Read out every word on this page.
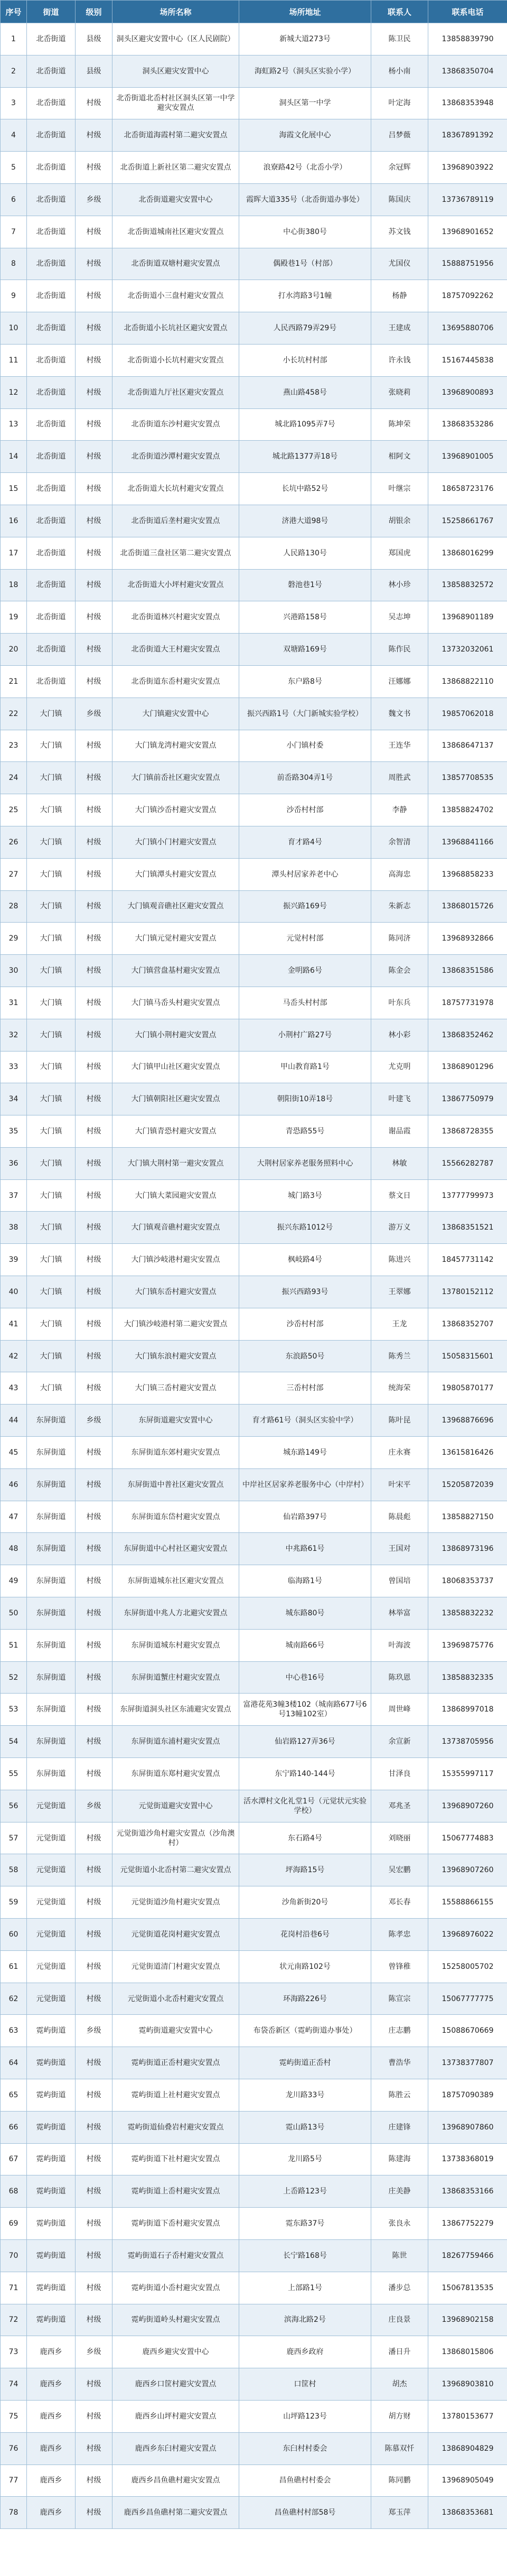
序号	街道	级别	场所名称	场所地址	联系人	联系电话
1	北岙街道	县级	洞头区避灾安置中心（区人民剧院）	新城大道273号	陈卫民	13858839790
2	北岙街道	县级	洞头区避灾安置中心	海虹路2号（洞头区实验小学）	杨小南	13868350704
3	北岙街道	村级	北岙街道北岙村社区洞头区第一中学避灾安置点	洞头区第一中学	叶定海	13868353948
4	北岙街道	村级	北岙街道海霞村第二避灾安置点	海霞文化展中心	吕梦薇	18367891392
5	北岙街道	村级	北岙街道上新社区第二避灾安置点	浪寮路42号（北岙小学）	余冠辉	13968903922
6	北岙街道	乡级	北岙街道避灾安置中心	霞晖大道335号（北岙街道办事处）	陈国庆	13736789119
7	北岙街道	村级	北岙街道城南社区避灾安置点	中心街380号	苏文钱	13968901652
8	北岙街道	村级	北岙街道双塘村避灾安置点	偶殿巷1号（村部）	尤国仪	15888751956
9	北岙街道	村级	北岙街道小三盘村避灾安置点	打水湾路3号1幢	杨静	18757092262
10	北岙街道	村级	北岙街道小长坑社区避灾安置点	人民西路79弄29号	王建成	13695880706
11	北岙街道	村级	北岙街道小长坑村避灾安置点	小长坑村村部	许永钱	15167445838
12	北岙街道	村级	北岙街道九厅社区避灾安置点	燕山路458号	张晓莉	13968900893
13	北岙街道	村级	北岙街道东沙村避灾安置点	城北路1095弄7号	陈坤荣	13868353286
14	北岙街道	村级	北岙街道沙潭村避灾安置点	城北路1377弄18号	相阿文	13968901005
15	北岙街道	村级	北岙街道大长坑村避灾安置点	长坑中路52号	叶继宗	18658723176
16	北岙街道	村级	北岙街道后垄村避灾安置点	济港大道98号	胡银余	15258661767
17	北岙街道	村级	北岙街道三盘社区第二避灾安置点	人民路130号	郑国虎	13868016299
18	北岙街道	村级	北岙街道大小坪村避灾安置点	磐池巷1号	林小珍	13858832572
19	北岙街道	村级	北岙街道林兴村避灾安置点	兴港路158号	吴志坤	13968901189
20	北岙街道	村级	北岙街道大王村避灾安置点	双塘路169号	陈作民	13732032061
21	北岙街道	村级	北岙街道东岙村避灾安置点	东户路8号	汪娜娜	13868822110
22	大门镇	乡级	大门镇避灾安置中心	振兴西路1号（大门新城实验学校）	魏文书	19857062018
23	大门镇	村级	大门镇龙湾村避灾安置点	小门镇村委	王连华	13868647137
24	大门镇	村级	大门镇前岙社区避灾安置点	前岙路304弄1号	周胜武	13857708535
25	大门镇	村级	大门镇沙岙村避灾安置点	沙岙村村部	李静	13858824702
26	大门镇	村级	大门镇小门村避灾安置点	育才路4号	余智清	13968841166
27	大门镇	村级	大门镇潭头村避灾安置点	潭头村居家养老中心	高海忠	13968858233
28	大门镇	村级	大门镇观音礁社区避灾安置点	振兴路169号	朱新志	13868015726
29	大门镇	村级	大门镇元觉村避灾安置点	元觉村村部	陈同济	13968932866
30	大门镇	村级	大门镇营盘基村避灾安置点	金明路6号	陈金会	13868351586
31	大门镇	村级	大门镇马岙头村避灾安置点	马岙头村村部	叶东兵	18757731978
32	大门镇	村级	大门镇小荆村避灾安置点	小荆村广路27号	林小彩	13868352462
33	大门镇	村级	大门镇甲山社区避灾安置点	甲山教育路1号	尤克明	13868901296
34	大门镇	村级	大门镇朝阳社区避灾安置点	朝阳街10弄18号	叶建飞	13867750979
35	大门镇	村级	大门镇青恐村避灾安置点	青恐路55号	谢品霞	13868728355
36	大门镇	村级	大门镇大荆村第一避灾安置点	大荆村居家养老服务照料中心	林敏	15566282787
37	大门镇	村级	大门镇大菜园避灾安置点	城门路3号	蔡文日	13777799973
38	大门镇	村级	大门镇观音礁村避灾安置点	振兴东路1012号	游万义	13868351521
39	大门镇	村级	大门镇沙岐港村避灾安置点	枫岐路4号	陈进兴	18457731142
40	大门镇	村级	大门镇东岙村避灾安置点	振兴西路93号	王翠娜	13780152112
41	大门镇	村级	大门镇沙岐港村第二避灾安置点	沙岙村村部	王龙	13868352707
42	大门镇	村级	大门镇东浪村避灾安置点	东浪路50号	陈秀兰	15058315601
43	大门镇	村级	大门镇三岙村避灾安置点	三岙村村部	统海荣	19805870177
44	东屏街道	乡级	东屏街道避灾安置中心	育才路61号（洞头区实验中学）	陈叶昆	13968876696
45	东屏街道	村级	东屏街道东郊村避灾安置点	城东路149号	庄永赛	13615816426
46	东屏街道	村级	东屏街道中普社区避灾安置点	中岸社区居家养老服务中心（中岸村）	叶宋平	15205872039
47	东屏街道	村级	东屏街道东岱村避灾安置点	仙岩路397号	陈晨彪	13858827150
48	东屏街道	村级	东屏街道中心村社区避灾安置点	中兆路61号	王国对	13868973196
49	东屏街道	村级	东屏街道城东社区避灾安置点	临海路1号	曾国培	18068353737
50	东屏街道	村级	东屏街道中兆人方北避灾安置点	城东路80号	林举富	13858832232
51	东屏街道	村级	东屏街道城东村避灾安置点	城南路66号	叶海波	13969875776
52	东屏街道	村级	东屏街道蟹庄村避灾安置点	中心巷16号	陈玖恩	13858832335
53	东屏街道	村级	东屏街道洞头社区东浦避灾安置点	富港花苑3幢3楼102（城南路677号6号13幢102室）	周世峰	13868997018
54	东屏街道	村级	东屏街道东浦村避灾安置点	仙岩路127弄36号	余宣新	13738705956
55	东屏街道	村级	东屏街道东郑村避灾安置点	东宁路140-144号	甘泽良	15355997117
56	元觉街道	乡级	元觉街道避灾安置中心	活水潭村文化礼堂1号（元觉状元实验学校）	邓兆圣	13968907260
57	元觉街道	村级	元觉街道沙角村避灾安置点（沙角澳村）	东石路4号	刘晓丽	15067774883
58	元觉街道	村级	元觉街道小北岙村第二避灾安置点	坪海路15号	吴宏鹏	13968907260
59	元觉街道	村级	元觉街道沙角村避灾安置点	沙角新街20号	邓长春	15588866155
60	元觉街道	村级	元觉街道花岗村避灾安置点	花岗村沿巷6号	陈孝忠	13968976022
61	元觉街道	村级	元觉街道清门村避灾安置点	状元南路102号	曾锋稚	15258005702
62	元觉街道	村级	元觉街道小北岙村避灾安置点	环海路226号	陈宣宗	15067777775
63	霓屿街道	乡级	霓屿街道避灾安置中心	布袋岙新区（霓屿街道办事处）	庄志鹏	15088670669
64	霓屿街道	村级	霓屿街道正岙村避灾安置点	霓屿街道正岙村	曹浩华	13738377807
65	霓屿街道	村级	霓屿街道上社村避灾安置点	龙川路33号	陈胜云	18757090389
66	霓屿街道	村级	霓屿街道仙叠岩村避灾安置点	霓山路13号	庄建锋	13968907860
67	霓屿街道	村级	霓屿街道下社村避灾安置点	龙川路5号	陈建海	13738368019
68	霓屿街道	村级	霓屿街道上岙村避灾安置点	上岙路123号	庄美静	13868353166
69	霓屿街道	村级	霓屿街道下岙村避灾安置点	霓东路37号	张良永	13867752279
70	霓屿街道	村级	霓屿街道石子岙村避灾安置点	长宁路168号	陈世	18267759466
71	霓屿街道	村级	霓屿街道小岙村避灾安置点	上部路1号	潘步总	15067813535
72	霓屿街道	村级	霓屿街道岭头村避灾安置点	滨海北路2号	庄良景	13968902158
73	鹿西乡	乡级	鹿西乡避灾安置中心	鹿西乡政府	潘日升	13868015806
74	鹿西乡	村级	鹿西乡口筐村避灾安置点	口筐村	胡杰	13968903810
75	鹿西乡	村级	鹿西乡山坪村避灾安置点	山坪路123号	胡方财	13780153677
76	鹿西乡	村级	鹿西乡东臼村避灾安置点	东臼村村委会	陈慕双忏	13868904829
77	鹿西乡	村级	鹿西乡昌鱼礁村避灾安置点	昌鱼礁村村委会	陈同鹏	13968905049
78	鹿西乡	村级	鹿西乡昌鱼礁村第二避灾安置点	昌鱼礁村村部58号	郑玉萍	13868353681
